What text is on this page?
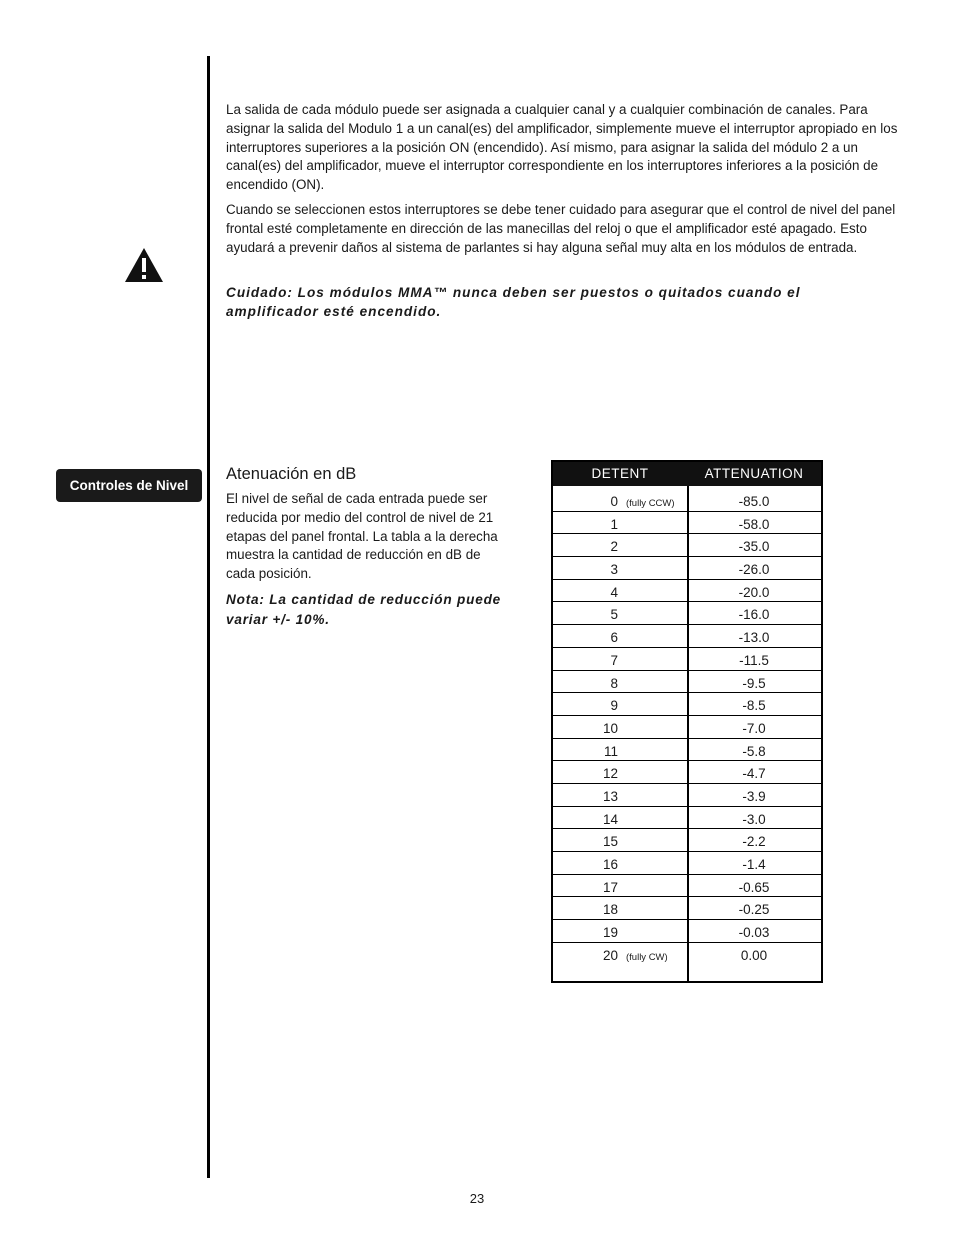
La salida de cada módulo puede ser asignada a cualquier canal y a cualquier combinación de canales. Para asignar la salida del Modulo 1 a un canal(es) del amplificador, simplemente mueve el interruptor apropiado en los interruptores superiores a la posición ON (encendido). Así mismo, para asignar la salida del módulo 2 a un canal(es) del amplificador, mueve el interruptor correspondiente en los interruptores inferiores a la posición de encendido (ON).

Cuando se seleccionen estos interruptores se debe tener cuidado para asegurar que el control de nivel del panel frontal esté completamente en dirección de las manecillas del reloj o que el amplificador esté apagado. Esto ayudará a prevenir daños al sistema de parlantes si hay alguna señal muy alta en los módulos de entrada.

Cuidado: Los módulos MMA™ nunca deben ser puestos o quitados cuando el amplificador esté encendido.

Controles de Nivel
Atenuación en dB

El nivel de señal de cada entrada puede ser reducida por medio del control de nivel de 21 etapas del panel frontal. La tabla a la derecha muestra la cantidad de reducción en dB de cada posición.

Nota: La cantidad de reducción puede variar +/- 10%.

DETENT	ATTENUATION
0 (fully CCW)	-85.0
1	-58.0
2	-35.0
3	-26.0
4	-20.0
5	-16.0
6	-13.0
7	-11.5
8	-9.5
9	-8.5
10	-7.0
11	-5.8
12	-4.7
13	-3.9
14	-3.0
15	-2.2
16	-1.4
17	-0.65
18	-0.25
19	-0.03
20 (fully CW)	0.00

23
